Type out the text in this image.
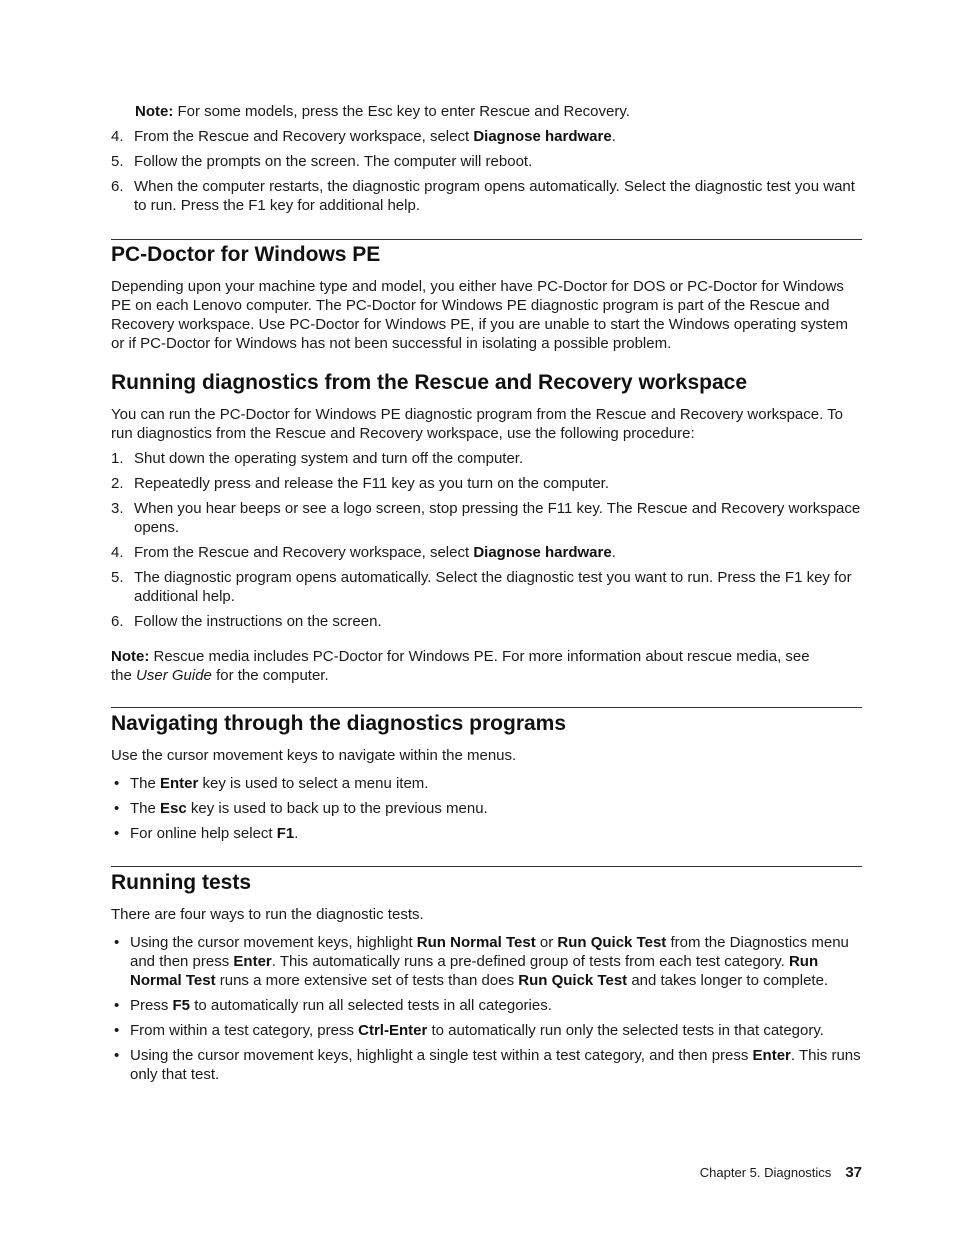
Note: For some models, press the Esc key to enter Rescue and Recovery.

4. From the Rescue and Recovery workspace, select Diagnose hardware.
5. Follow the prompts on the screen. The computer will reboot.
6. When the computer restarts, the diagnostic program opens automatically. Select the diagnostic test you want to run. Press the F1 key for additional help.
PC-Doctor for Windows PE

Depending upon your machine type and model, you either have PC-Doctor for DOS or PC-Doctor for Windows PE on each Lenovo computer. The PC-Doctor for Windows PE diagnostic program is part of the Rescue and Recovery workspace. Use PC-Doctor for Windows PE, if you are unable to start the Windows operating system or if PC-Doctor for Windows has not been successful in isolating a possible problem.

Running diagnostics from the Rescue and Recovery workspace

You can run the PC-Doctor for Windows PE diagnostic program from the Rescue and Recovery workspace. To run diagnostics from the Rescue and Recovery workspace, use the following procedure:

1. Shut down the operating system and turn off the computer.
2. Repeatedly press and release the F11 key as you turn on the computer.
3. When you hear beeps or see a logo screen, stop pressing the F11 key. The Rescue and Recovery workspace opens.
4. From the Rescue and Recovery workspace, select Diagnose hardware.
5. The diagnostic program opens automatically. Select the diagnostic test you want to run. Press the F1 key for additional help.
6. Follow the instructions on the screen.

Note: Rescue media includes PC-Doctor for Windows PE. For more information about rescue media, see the User Guide for the computer.

Navigating through the diagnostics programs

Use the cursor movement keys to navigate within the menus.

• The Enter key is used to select a menu item.
• The Esc key is used to back up to the previous menu.
• For online help select F1.
Running tests

There are four ways to run the diagnostic tests.

• Using the cursor movement keys, highlight Run Normal Test or Run Quick Test from the Diagnostics menu and then press Enter. This automatically runs a pre-defined group of tests from each test category. Run Normal Test runs a more extensive set of tests than does Run Quick Test and takes longer to complete.
• Press F5 to automatically run all selected tests in all categories.
• From within a test category, press Ctrl-Enter to automatically run only the selected tests in that category.
• Using the cursor movement keys, highlight a single test within a test category, and then press Enter. This runs only that test.
Chapter 5. Diagnostics 37
